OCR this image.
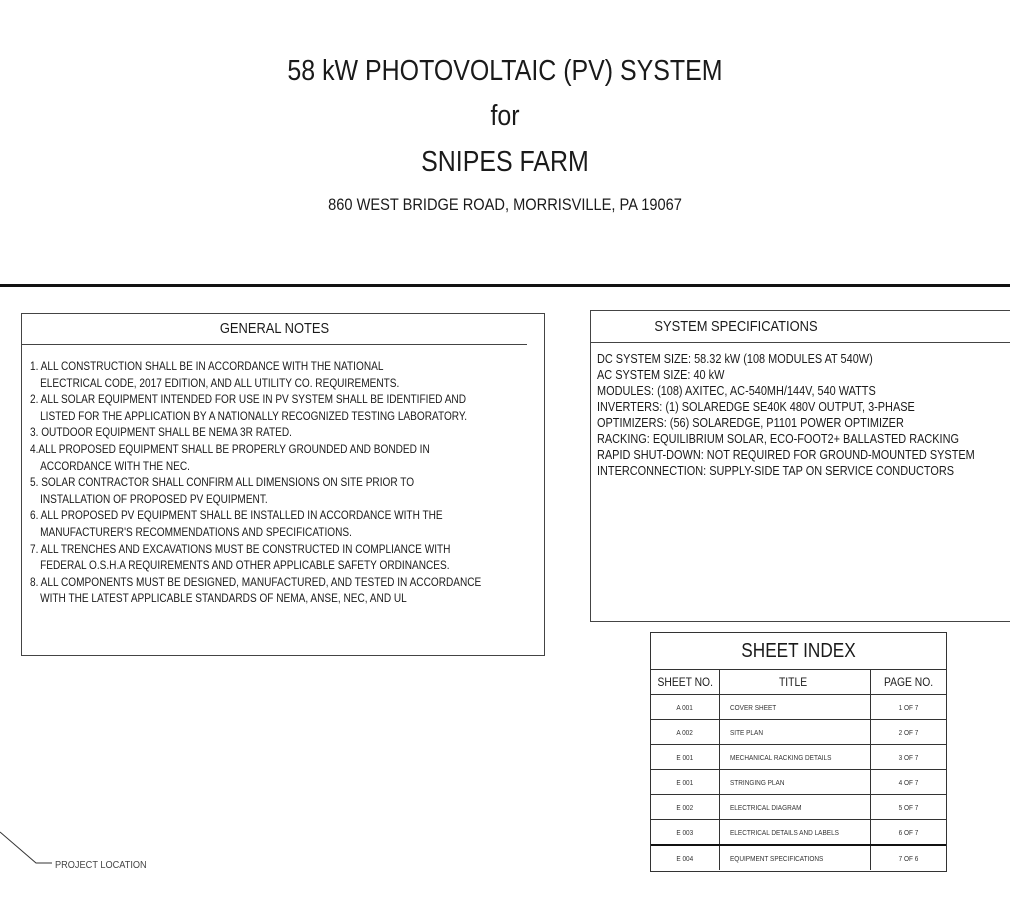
58 kW PHOTOVOLTAIC (PV) SYSTEM
for
SNIPES FARM
860 WEST BRIDGE ROAD, MORRISVILLE, PA 19067
GENERAL NOTES
1. ALL CONSTRUCTION SHALL BE IN ACCORDANCE WITH THE NATIONAL
ELECTRICAL CODE, 2017 EDITION, AND ALL UTILITY CO. REQUIREMENTS.
2. ALL SOLAR EQUIPMENT INTENDED FOR USE IN PV SYSTEM SHALL BE IDENTIFIED AND
LISTED FOR THE APPLICATION BY A NATIONALLY RECOGNIZED TESTING LABORATORY.
3. OUTDOOR EQUIPMENT SHALL BE NEMA 3R RATED.
4.ALL PROPOSED EQUIPMENT SHALL BE PROPERLY GROUNDED AND BONDED IN
ACCORDANCE WITH THE NEC.
5. SOLAR CONTRACTOR SHALL CONFIRM ALL DIMENSIONS ON SITE PRIOR TO
INSTALLATION OF PROPOSED PV EQUIPMENT.
6. ALL PROPOSED PV EQUIPMENT SHALL BE INSTALLED IN ACCORDANCE WITH THE
MANUFACTURER'S RECOMMENDATIONS AND SPECIFICATIONS.
7. ALL TRENCHES AND EXCAVATIONS MUST BE CONSTRUCTED IN COMPLIANCE WITH
FEDERAL O.S.H.A REQUIREMENTS AND OTHER APPLICABLE SAFETY ORDINANCES.
8. ALL COMPONENTS MUST BE DESIGNED, MANUFACTURED, AND TESTED IN ACCORDANCE
WITH THE LATEST APPLICABLE STANDARDS OF NEMA, ANSE, NEC, AND UL
SYSTEM SPECIFICATIONS
DC SYSTEM SIZE: 58.32 kW (108 MODULES AT 540W)
AC SYSTEM SIZE: 40 kW
MODULES: (108) AXITEC, AC-540MH/144V, 540 WATTS
INVERTERS: (1) SOLAREDGE SE40K 480V OUTPUT, 3-PHASE
OPTIMIZERS: (56) SOLAREDGE, P1101 POWER OPTIMIZER
RACKING: EQUILIBRIUM SOLAR, ECO-FOOT2+ BALLASTED RACKING
RAPID SHUT-DOWN: NOT REQUIRED FOR GROUND-MOUNTED SYSTEM
INTERCONNECTION: SUPPLY-SIDE TAP ON SERVICE CONDUCTORS
SHEET INDEX
SHEET NO.	TITLE	PAGE NO.
A 001	COVER SHEET	1 OF 7
A 002	SITE PLAN	2 OF 7
E 001	MECHANICAL RACKING DETAILS	3 OF 7
E 001	STRINGING PLAN	4 OF 7
E 002	ELECTRICAL DIAGRAM	5 OF 7
E 003	ELECTRICAL DETAILS AND LABELS	6 OF 7
E 004	EQUIPMENT SPECIFICATIONS	7 OF 6
PROJECT LOCATION
